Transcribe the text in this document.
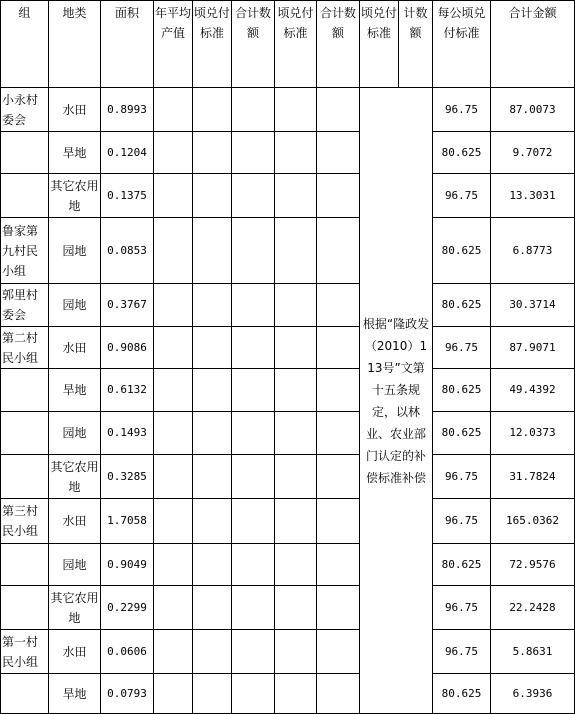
组	地类	面积	年平均产值	顷兑付标准	合计数额	顷兑付标准	合计数额	顷兑付标准	计数额	每公顷兑付标准	合计金额
小永村委会	水田	0.8993						根据“隆政发（2010）113号”文第十五条规定，以林业、农业部门认定的补偿标准补偿		96.75	87.0073
	旱地	0.1204								80.625	9.7072
	其它农用地	0.1375								96.75	13.3031
鲁家第九村民小组	园地	0.0853								80.625	6.8773
郭里村委会	园地	0.3767								80.625	30.3714
第二村民小组	水田	0.9086								96.75	87.9071
	旱地	0.6132								80.625	49.4392
	园地	0.1493								80.625	12.0373
	其它农用地	0.3285								96.75	31.7824
第三村民小组	水田	1.7058								96.75	165.0362
	园地	0.9049								80.625	72.9576
	其它农用地	0.2299								96.75	22.2428
第一村民小组	水田	0.0606								96.75	5.8631
	旱地	0.0793								80.625	6.3936
